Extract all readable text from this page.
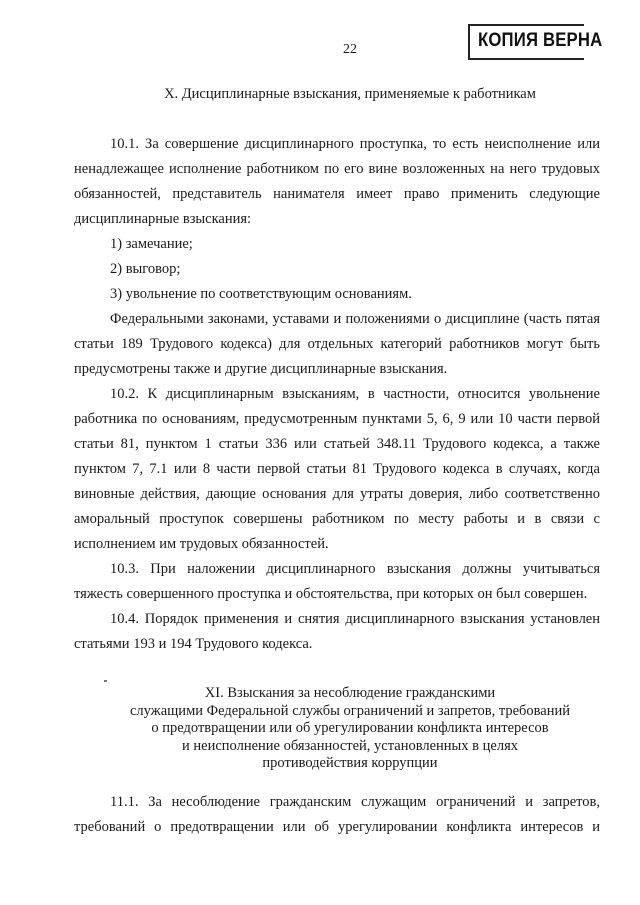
22	КОПИЯ ВЕРНА
X. Дисциплинарные взыскания, применяемые к работникам
10.1. За совершение дисциплинарного проступка, то есть неисполнение или
ненадлежащее исполнение работником по его вине возложенных на него трудовых
обязанностей, представитель нанимателя имеет право применить следующие
дисциплинарные взыскания:
1) замечание;
2) выговор;
3) увольнение по соответствующим основаниям.
Федеральными законами, уставами и положениями о дисциплине (часть пятая
статьи 189 Трудового кодекса) для отдельных категорий работников могут быть
предусмотрены также и другие дисциплинарные взыскания.
10.2. К дисциплинарным взысканиям, в частности, относится увольнение
работника по основаниям, предусмотренным пунктами 5, 6, 9 или 10 части первой
статьи 81, пунктом 1 статьи 336 или статьей 348.11 Трудового кодекса, а также
пунктом 7, 7.1 или 8 части первой статьи 81 Трудового кодекса в случаях, когда
виновные действия, дающие основания для утраты доверия, либо соответственно
аморальный проступок совершены работником по месту работы и в связи с
исполнением им трудовых обязанностей.
10.3. При наложении дисциплинарного взыскания должны учитываться
тяжесть совершенного проступка и обстоятельства, при которых он был совершен.
10.4. Порядок применения и снятия дисциплинарного взыскания установлен
статьями 193 и 194 Трудового кодекса.
XI. Взыскания за несоблюдение гражданскими
служащими Федеральной службы ограничений и запретов, требований
о предотвращении или об урегулировании конфликта интересов
и неисполнение обязанностей, установленных в целях
противодействия коррупции
11.1. За несоблюдение гражданским служащим ограничений и запретов,
требований о предотвращении или об урегулировании конфликта интересов и
